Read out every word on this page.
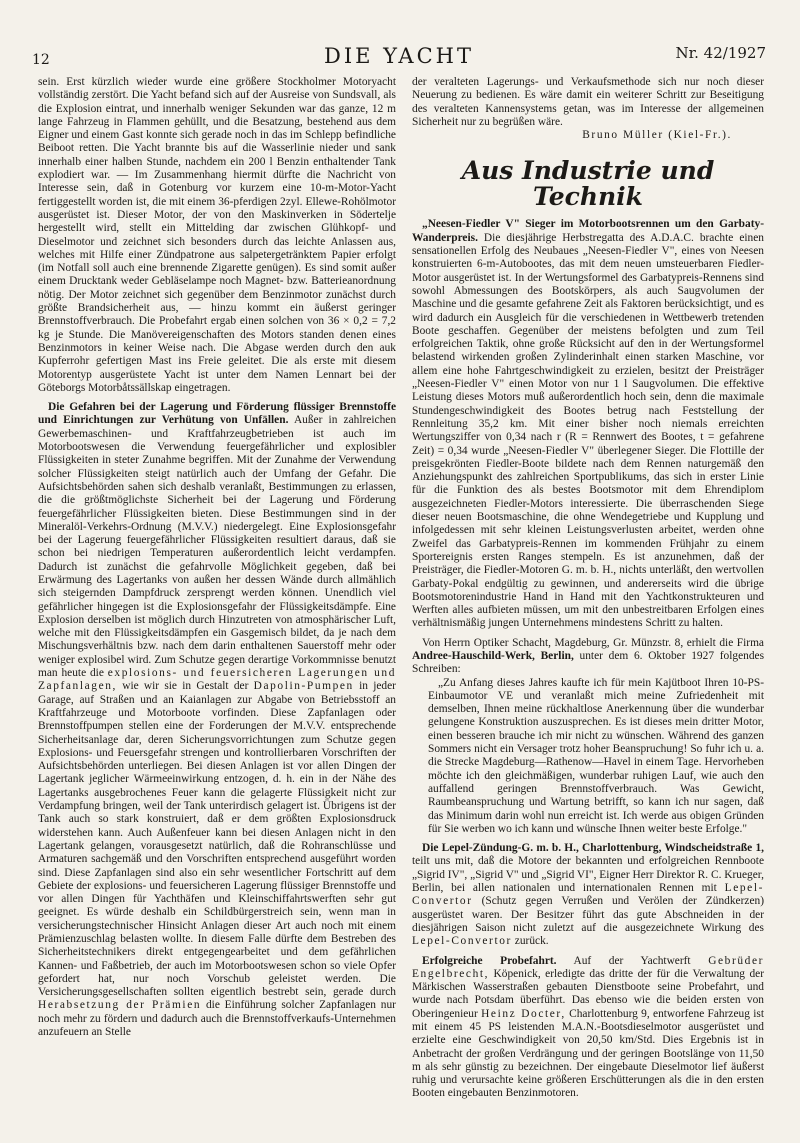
12	DIE YACHT	Nr. 42/1927

sein. Erst kürzlich wieder wurde eine größere Stockholmer Motoryacht vollständig zerstört. Die Yacht befand sich auf der Ausreise von Sundsvall, als die Explosion eintrat, und innerhalb weniger Sekunden war das ganze, 12 m lange Fahrzeug in Flammen gehüllt, und die Besatzung, bestehend aus dem Eigner und einem Gast konnte sich gerade noch in das im Schlepp befindliche Beiboot retten. Die Yacht brannte bis auf die Wasserlinie nieder und sank innerhalb einer halben Stunde, nachdem ein 200 l Benzin enthaltender Tank explodiert war. — Im Zusammenhang hiermit dürfte die Nachricht von Interesse sein, daß in Gotenburg vor kurzem eine 10-m-Motor-Yacht fertiggestellt worden ist, die mit einem 36-pferdigen 2zyl. Ellewe-Rohölmotor ausgerüstet ist. Dieser Motor, der von den Maskinverken in Södertelje hergestellt wird, stellt ein Mittelding dar zwischen Glühkopf- und Dieselmotor und zeichnet sich besonders durch das leichte Anlassen aus, welches mit Hilfe einer Zündpatrone aus salpetergetränktem Papier erfolgt (im Notfall soll auch eine brennende Zigarette genügen). Es sind somit außer einem Drucktank weder Gebläselampe noch Magnet- bzw. Batterieanordnung nötig. Der Motor zeichnet sich gegenüber dem Benzinmotor zunächst durch größte Brandsicherheit aus, — hinzu kommt ein äußerst geringer Brennstoffverbrauch. Die Probefahrt ergab einen solchen von 36 × 0,2 = 7,2 kg je Stunde. Die Manövereigenschaften des Motors standen denen eines Benzinmotors in keiner Weise nach. Die Abgase werden durch den auk Kupferrohr gefertigen Mast ins Freie geleitet. Die als erste mit diesem Motorentyp ausgerüstete Yacht ist unter dem Namen Lennart bei der Göteborgs Motorbåtssällskap eingetragen.

Die Gefahren bei der Lagerung und Förderung flüssiger Brennstoffe und Einrichtungen zur Verhütung von Unfällen. Außer in zahlreichen Gewerbemaschinen- und Kraftfahrzeugbetrieben ist auch im Motorbootswesen die Verwendung feuergefährlicher und explosibler Flüssigkeiten in steter Zunahme begriffen. Mit der Zunahme der Verwendung solcher Flüssigkeiten steigt natürlich auch der Umfang der Gefahr. Die Aufsichtsbehörden sahen sich deshalb veranlaßt, Bestimmungen zu erlassen, die die größtmöglichste Sicherheit bei der Lagerung und Förderung feuergefährlicher Flüssigkeiten bieten. Diese Bestimmungen sind in der Mineralöl-Verkehrs-Ordnung (M.V.V.) niedergelegt. Eine Explosionsgefahr bei der Lagerung feuergefährlicher Flüssigkeiten resultiert daraus, daß sie schon bei niedrigen Temperaturen außerordentlich leicht verdampfen. Dadurch ist zunächst die gefahrvolle Möglichkeit gegeben, daß bei Erwärmung des Lagertanks von außen her dessen Wände durch allmählich sich steigernden Dampfdruck zersprengt werden können. Unendlich viel gefährlicher hingegen ist die Explosionsgefahr der Flüssigkeitsdämpfe. Eine Explosion derselben ist möglich durch Hinzutreten von atmosphärischer Luft, welche mit den Flüssigkeitsdämpfen ein Gasgemisch bildet, da je nach dem Mischungsverhältnis bzw. nach dem darin enthaltenen Sauerstoff mehr oder weniger explosibel wird. Zum Schutze gegen derartige Vorkommnisse benutzt man heute die explosions- und feuersicheren Lagerungen und Zapfanlagen, wie wir sie in Gestalt der Dapolin-Pumpen in jeder Garage, auf Straßen und an Kaianlagen zur Abgabe von Betriebsstoff an Kraftfahrzeuge und Motorboote vorfinden. Diese Zapfanlagen oder Brennstoffpumpen stellen eine der Forderungen der M.V.V. entsprechende Sicherheitsanlage dar, deren Sicherungsvorrichtungen zum Schutze gegen Explosions- und Feuersgefahr strengen und kontrollierbaren Vorschriften der Aufsichtsbehörden unterliegen. Bei diesen Anlagen ist vor allen Dingen der Lagertank jeglicher Wärmeeinwirkung entzogen, d. h. ein in der Nähe des Lagertanks ausgebrochenes Feuer kann die gelagerte Flüssigkeit nicht zur Verdampfung bringen, weil der Tank unterirdisch gelagert ist. Übrigens ist der Tank auch so stark konstruiert, daß er dem größten Explosionsdruck widerstehen kann. Auch Außenfeuer kann bei diesen Anlagen nicht in den Lagertank gelangen, vorausgesetzt natürlich, daß die Rohranschlüsse und Armaturen sachgemäß und den Vorschriften entsprechend ausgeführt worden sind. Diese Zapfanlagen sind also ein sehr wesentlicher Fortschritt auf dem Gebiete der explosions- und feuersicheren Lagerung flüssiger Brennstoffe und vor allen Dingen für Yachthäfen und Kleinschiffahrtswerften sehr gut geeignet. Es würde deshalb ein Schildbürgerstreich sein, wenn man in versicherungstechnischer Hinsicht Anlagen dieser Art auch noch mit einem Prämienzuschlag belasten wollte. In diesem Falle dürfte dem Bestreben des Sicherheitstechnikers direkt entgegengearbeitet und dem gefährlichen Kannen- und Faßbetrieb, der auch im Motorbootswesen schon so viele Opfer gefordert hat, nur noch Vorschub geleistet werden. Die Versicherungsgesellschaften sollten eigentlich bestrebt sein, gerade durch Herabsetzung der Prämien die Einführung solcher Zapfanlagen nur noch mehr zu fördern und dadurch auch die Brennstoffverkaufs-Unternehmen anzufeuern an Stelle

der veralteten Lagerungs- und Verkaufsmethode sich nur noch dieser Neuerung zu bedienen. Es wäre damit ein weiterer Schritt zur Beseitigung des veralteten Kannensystems getan, was im Interesse der allgemeinen Sicherheit nur zu begrüßen wäre.

Bruno Müller (Kiel-Fr.).

Aus Industrie und Technik

„Neesen-Fiedler V" Sieger im Motorbootsrennen um den Garbaty-Wanderpreis. Die diesjährige Herbstregatta des A.D.A.C. brachte einen sensationellen Erfolg des Neubaues „Neesen-Fiedler V", eines von Neesen konstruierten 6-m-Autobootes, das mit dem neuen umsteuerbaren Fiedler-Motor ausgerüstet ist. In der Wertungsformel des Garbatypreis-Rennens sind sowohl Abmessungen des Bootskörpers, als auch Saugvolumen der Maschine und die gesamte gefahrene Zeit als Faktoren berücksichtigt, und es wird dadurch ein Ausgleich für die verschiedenen in Wettbewerb tretenden Boote geschaffen. Gegenüber der meistens befolgten und zum Teil erfolgreichen Taktik, ohne große Rücksicht auf den in der Wertungsformel belastend wirkenden großen Zylinderinhalt einen starken Maschine, vor allem eine hohe Fahrtgeschwindigkeit zu erzielen, besitzt der Preisträger „Neesen-Fiedler V" einen Motor von nur 1 l Saugvolumen. Die effektive Leistung dieses Motors muß außerordentlich hoch sein, denn die maximale Stundengeschwindigkeit des Bootes betrug nach Feststellung der Rennleitung 35,2 km. Mit einer bisher noch niemals erreichten Wertungsziffer von 0,34 nach r (R = Rennwert des Bootes, t = gefahrene Zeit) = 0,34 wurde „Neesen-Fiedler V" überlegener Sieger. Die Flottille der preisgekrönten Fiedler-Boote bildete nach dem Rennen naturgemäß den Anziehungspunkt des zahlreichen Sportpublikums, das sich in erster Linie für die Funktion des als bestes Bootsmotor mit dem Ehrendiplom ausgezeichneten Fiedler-Motors interessierte. Die überraschenden Siege dieser neuen Bootsmaschine, die ohne Wendegetriebe und Kupplung und infolgedessen mit sehr kleinen Leistungsverlusten arbeitet, werden ohne Zweifel das Garbatypreis-Rennen im kommenden Frühjahr zu einem Sportereignis ersten Ranges stempeln. Es ist anzunehmen, daß der Preisträger, die Fiedler-Motoren G. m. b. H., nichts unterläßt, den wertvollen Garbaty-Pokal endgültig zu gewinnen, und andererseits wird die übrige Bootsmotorenindustrie Hand in Hand mit den Yachtkonstrukteuren und Werften alles aufbieten müssen, um mit den unbestreitbaren Erfolgen eines verhältnismäßig jungen Unternehmens mindestens Schritt zu halten.

Von Herrn Optiker Schacht, Magdeburg, Gr. Münzstr. 8, erhielt die Firma Andree-Hauschild-Werk, Berlin, unter dem 6. Oktober 1927 folgendes Schreiben:

„Zu Anfang dieses Jahres kaufte ich für mein Kajütboot Ihren 10-PS-Einbaumotor VE und veranlaßt mich meine Zufriedenheit mit demselben, Ihnen meine rückhaltlose Anerkennung über die wunderbar gelungene Konstruktion auszusprechen. Es ist dieses mein dritter Motor, einen besseren brauche ich mir nicht zu wünschen. Während des ganzen Sommers nicht ein Versager trotz hoher Beanspruchung! So fuhr ich u. a. die Strecke Magdeburg—Rathenow—Havel in einem Tage. Hervorheben möchte ich den gleichmäßigen, wunderbar ruhigen Lauf, wie auch den auffallend geringen Brennstoffverbrauch. Was Gewicht, Raumbeanspruchung und Wartung betrifft, so kann ich nur sagen, daß das Minimum darin wohl nun erreicht ist. Ich werde aus obigen Gründen für Sie werben wo ich kann und wünsche Ihnen weiter beste Erfolge."

Die Lepel-Zündung-G. m. b. H., Charlottenburg, Windscheidstraße 1, teilt uns mit, daß die Motore der bekannten und erfolgreichen Rennboote „Sigrid IV", „Sigrid V" und „Sigrid VI", Eigner Herr Direktor R. C. Krueger, Berlin, bei allen nationalen und internationalen Rennen mit Lepel-Convertor (Schutz gegen Verrußen und Verölen der Zündkerzen) ausgerüstet waren. Der Besitzer führt das gute Abschneiden in der diesjährigen Saison nicht zuletzt auf die ausgezeichnete Wirkung des Lepel-Convertor zurück.

Erfolgreiche Probefahrt. Auf der Yachtwerft Gebrüder Engelbrecht, Köpenick, erledigte das dritte der für die Verwaltung der Märkischen Wasserstraßen gebauten Dienstboote seine Probefahrt, und wurde nach Potsdam überführt. Das ebenso wie die beiden ersten von Oberingenieur Heinz Docter, Charlottenburg 9, entworfene Fahrzeug ist mit einem 45 PS leistenden M.A.N.-Bootsdieselmotor ausgerüstet und erzielte eine Geschwindigkeit von 20,50 km/Std. Dies Ergebnis ist in Anbetracht der großen Verdrängung und der geringen Bootslänge von 11,50 m als sehr günstig zu bezeichnen. Der eingebaute Dieselmotor lief äußerst ruhig und verursachte keine größeren Erschütterungen als die in den ersten Booten eingebauten Benzinmotoren.
